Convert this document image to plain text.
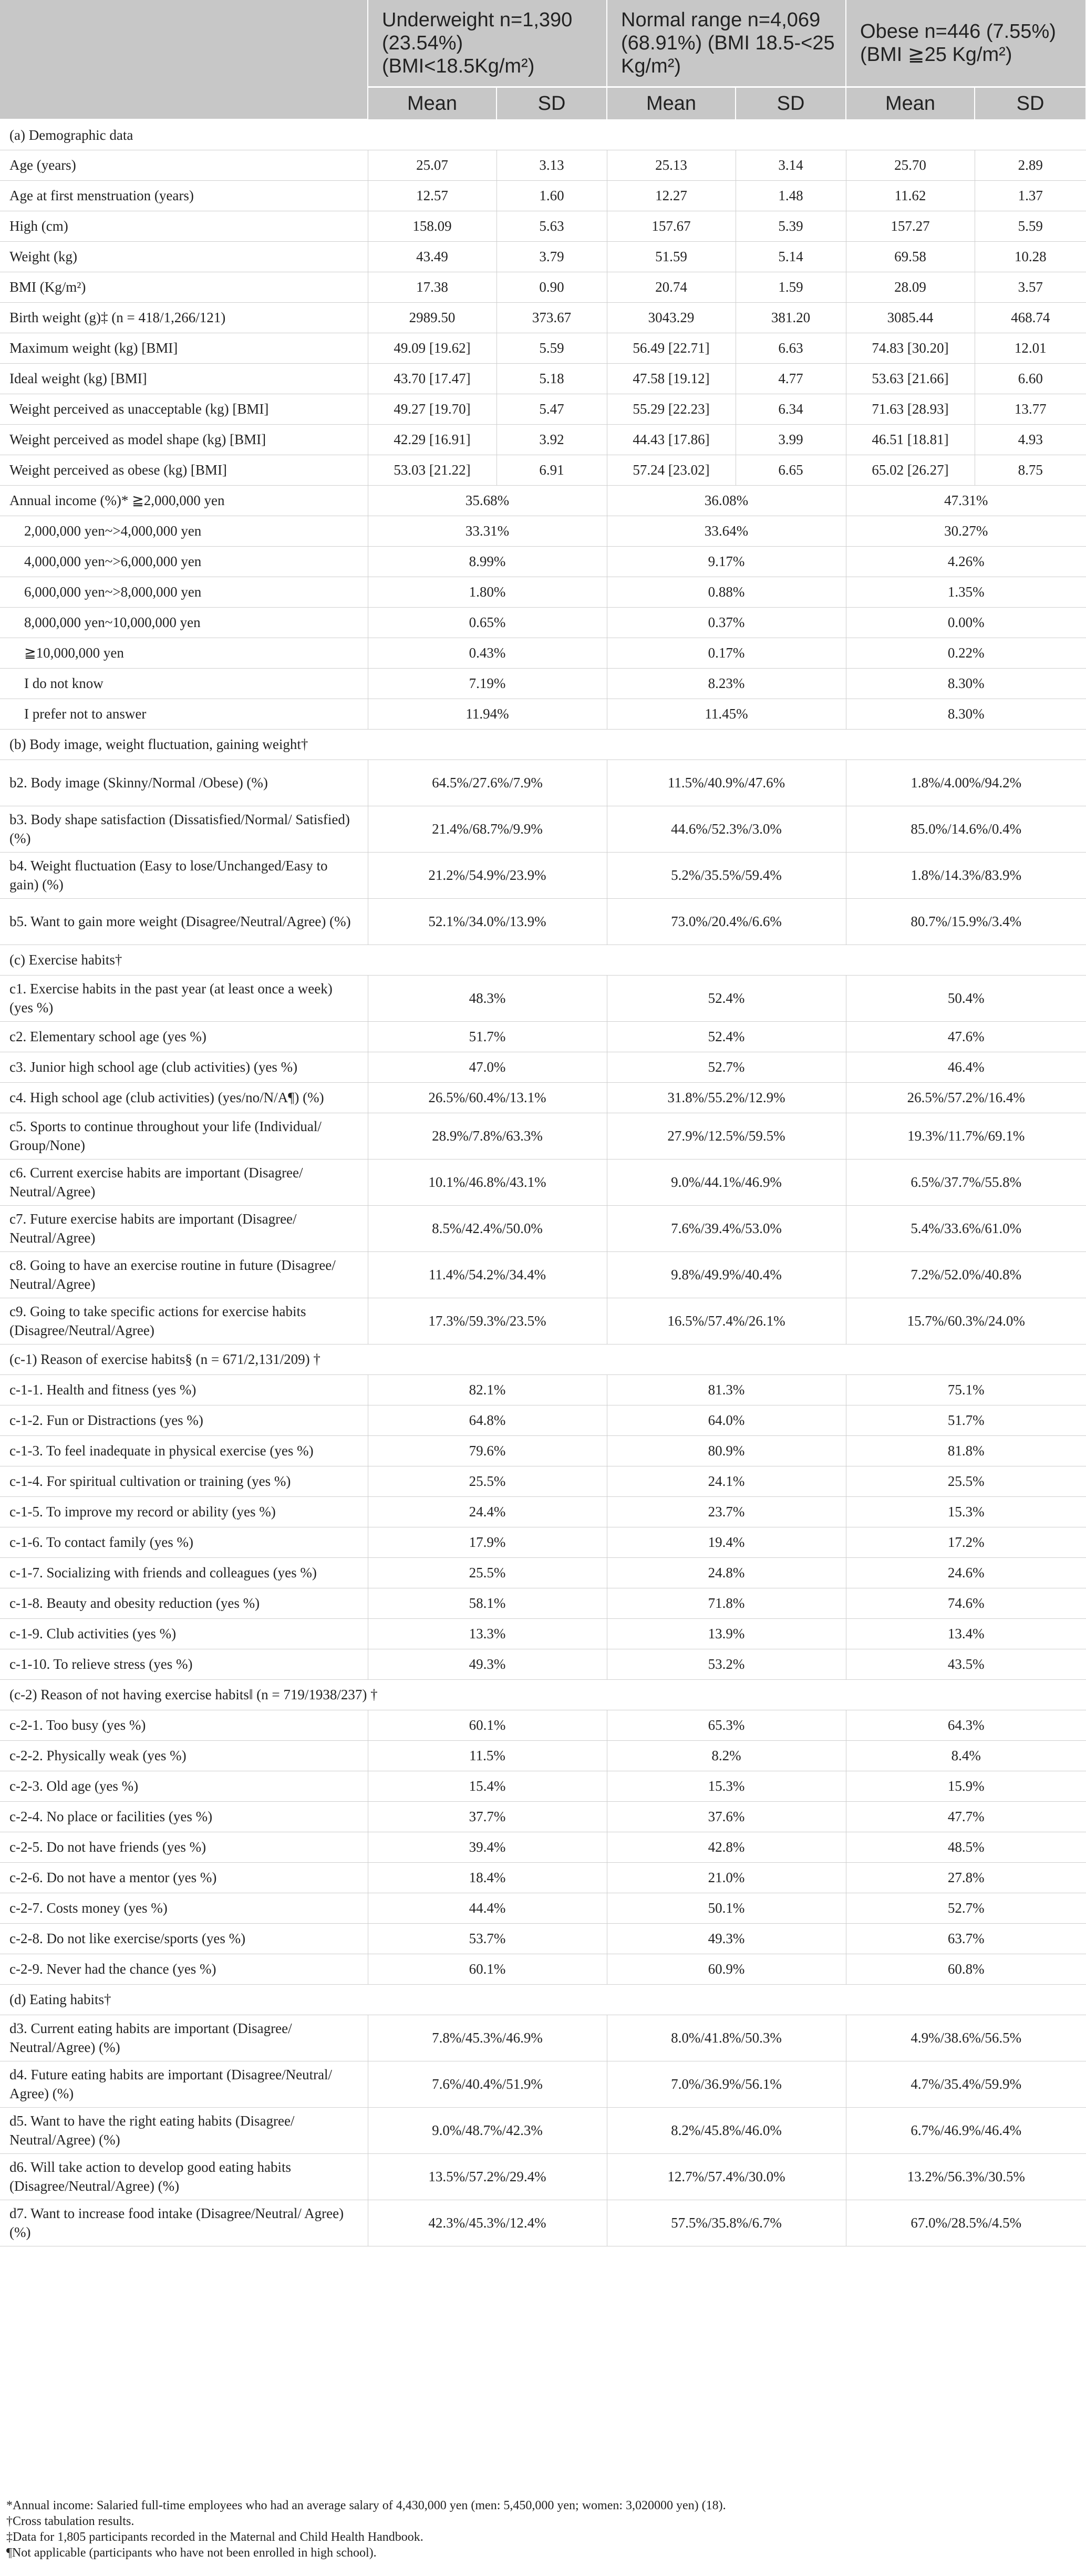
	Underweight n=1,390 (23.54%) (BMI<18.5Kg/m²)		Normal range n=4,069 (68.91%) (BMI 18.5-<25 Kg/m²)		Obese n=446 (7.55%) (BMI ≧25 Kg/m²)	
	Mean	SD	Mean	SD	Mean	SD
(a) Demographic data						
Age (years)	25.07	3.13	25.13	3.14	25.70	2.89
Age at first menstruation (years)	12.57	1.60	12.27	1.48	11.62	1.37
High (cm)	158.09	5.63	157.67	5.39	157.27	5.59
Weight (kg)	43.49	3.79	51.59	5.14	69.58	10.28
BMI (Kg/m²)	17.38	0.90	20.74	1.59	28.09	3.57
Birth weight (g)‡ (n = 418/1,266/121)	2989.50	373.67	3043.29	381.20	3085.44	468.74
Maximum weight (kg) [BMI]	49.09 [19.62]	5.59	56.49 [22.71]	6.63	74.83 [30.20]	12.01
Ideal weight (kg) [BMI]	43.70 [17.47]	5.18	47.58 [19.12]	4.77	53.63 [21.66]	6.60
Weight perceived as unacceptable (kg) [BMI]	49.27 [19.70]	5.47	55.29 [22.23]	6.34	71.63 [28.93]	13.77
Weight perceived as model shape (kg) [BMI]	42.29 [16.91]	3.92	44.43 [17.86]	3.99	46.51 [18.81]	4.93
Weight perceived as obese (kg) [BMI]	53.03 [21.22]	6.91	57.24 [23.02]	6.65	65.02 [26.27]	8.75
Annual income (%)* ≧2,000,000 yen	35.68%		36.08%		47.31%	
2,000,000 yen~>4,000,000 yen	33.31%		33.64%		30.27%	
4,000,000 yen~>6,000,000 yen	8.99%		9.17%		4.26%	
6,000,000 yen~>8,000,000 yen	1.80%		0.88%		1.35%	
8,000,000 yen~10,000,000 yen	0.65%		0.37%		0.00%	
≧10,000,000 yen	0.43%		0.17%		0.22%	
I do not know	7.19%		8.23%		8.30%	
I prefer not to answer	11.94%		11.45%		8.30%	
(b) Body image, weight fluctuation, gaining weight†						
b2. Body image (Skinny/Normal /Obese) (%)	64.5%/27.6%/7.9%		11.5%/40.9%/47.6%		1.8%/4.00%/94.2%	
b3. Body shape satisfaction (Dissatisfied/Normal/ Satisfied) (%)	21.4%/68.7%/9.9%		44.6%/52.3%/3.0%		85.0%/14.6%/0.4%	
b4. Weight fluctuation (Easy to lose/Unchanged/Easy to gain) (%)	21.2%/54.9%/23.9%		5.2%/35.5%/59.4%		1.8%/14.3%/83.9%	
b5. Want to gain more weight (Disagree/Neutral/Agree) (%)	52.1%/34.0%/13.9%		73.0%/20.4%/6.6%		80.7%/15.9%/3.4%	
(c) Exercise habits†						
c1. Exercise habits in the past year (at least once a week) (yes %)	48.3%		52.4%		50.4%	
c2. Elementary school age (yes %)	51.7%		52.4%		47.6%	
c3. Junior high school age (club activities) (yes %)	47.0%		52.7%		46.4%	
c4. High school age (club activities) (yes/no/N/A¶) (%)	26.5%/60.4%/13.1%		31.8%/55.2%/12.9%		26.5%/57.2%/16.4%	
c5. Sports to continue throughout your life (Individual/ Group/None)	28.9%/7.8%/63.3%		27.9%/12.5%/59.5%		19.3%/11.7%/69.1%	
c6. Current exercise habits are important (Disagree/ Neutral/Agree)	10.1%/46.8%/43.1%		9.0%/44.1%/46.9%		6.5%/37.7%/55.8%	
c7. Future exercise habits are important (Disagree/ Neutral/Agree)	8.5%/42.4%/50.0%		7.6%/39.4%/53.0%		5.4%/33.6%/61.0%	
c8. Going to have an exercise routine in future (Disagree/ Neutral/Agree)	11.4%/54.2%/34.4%		9.8%/49.9%/40.4%		7.2%/52.0%/40.8%	
c9. Going to take specific actions for exercise habits (Disagree/Neutral/Agree)	17.3%/59.3%/23.5%		16.5%/57.4%/26.1%		15.7%/60.3%/24.0%	
(c-1) Reason of exercise habits§ (n = 671/2,131/209) †						
c-1-1. Health and fitness (yes %)	82.1%		81.3%		75.1%	
c-1-2. Fun or Distractions (yes %)	64.8%		64.0%		51.7%	
c-1-3. To feel inadequate in physical exercise (yes %)	79.6%		80.9%		81.8%	
c-1-4. For spiritual cultivation or training (yes %)	25.5%		24.1%		25.5%	
c-1-5. To improve my record or ability (yes %)	24.4%		23.7%		15.3%	
c-1-6. To contact family (yes %)	17.9%		19.4%		17.2%	
c-1-7. Socializing with friends and colleagues (yes %)	25.5%		24.8%		24.6%	
c-1-8. Beauty and obesity reduction (yes %)	58.1%		71.8%		74.6%	
c-1-9. Club activities (yes %)	13.3%		13.9%		13.4%	
c-1-10. To relieve stress (yes %)	49.3%		53.2%		43.5%	
(c-2) Reason of not having exercise habits‖ (n = 719/1938/237) †						
c-2-1. Too busy (yes %)	60.1%		65.3%		64.3%	
c-2-2. Physically weak (yes %)	11.5%		8.2%		8.4%	
c-2-3. Old age (yes %)	15.4%		15.3%		15.9%	
c-2-4. No place or facilities (yes %)	37.7%		37.6%		47.7%	
c-2-5. Do not have friends (yes %)	39.4%		42.8%		48.5%	
c-2-6. Do not have a mentor (yes %)	18.4%		21.0%		27.8%	
c-2-7. Costs money (yes %)	44.4%		50.1%		52.7%	
c-2-8. Do not like exercise/sports (yes %)	53.7%		49.3%		63.7%	
c-2-9. Never had the chance (yes %)	60.1%		60.9%		60.8%	
(d) Eating habits†						
d3. Current eating habits are important (Disagree/ Neutral/Agree) (%)	7.8%/45.3%/46.9%		8.0%/41.8%/50.3%		4.9%/38.6%/56.5%	
d4. Future eating habits are important (Disagree/Neutral/ Agree) (%)	7.6%/40.4%/51.9%		7.0%/36.9%/56.1%		4.7%/35.4%/59.9%	
d5. Want to have the right eating habits (Disagree/ Neutral/Agree) (%)	9.0%/48.7%/42.3%		8.2%/45.8%/46.0%		6.7%/46.9%/46.4%	
d6. Will take action to develop good eating habits (Disagree/Neutral/Agree) (%)	13.5%/57.2%/29.4%		12.7%/57.4%/30.0%		13.2%/56.3%/30.5%	
d7. Want to increase food intake (Disagree/Neutral/ Agree) (%)	42.3%/45.3%/12.4%		57.5%/35.8%/6.7%		67.0%/28.5%/4.5%	
*Annual income: Salaried full-time employees who had an average salary of 4,430,000 yen (men: 5,450,000 yen; women: 3,020000 yen) (18).
†Cross tabulation results.
‡Data for 1,805 participants recorded in the Maternal and Child Health Handbook.
¶Not applicable (participants who have not been enrolled in high school).
